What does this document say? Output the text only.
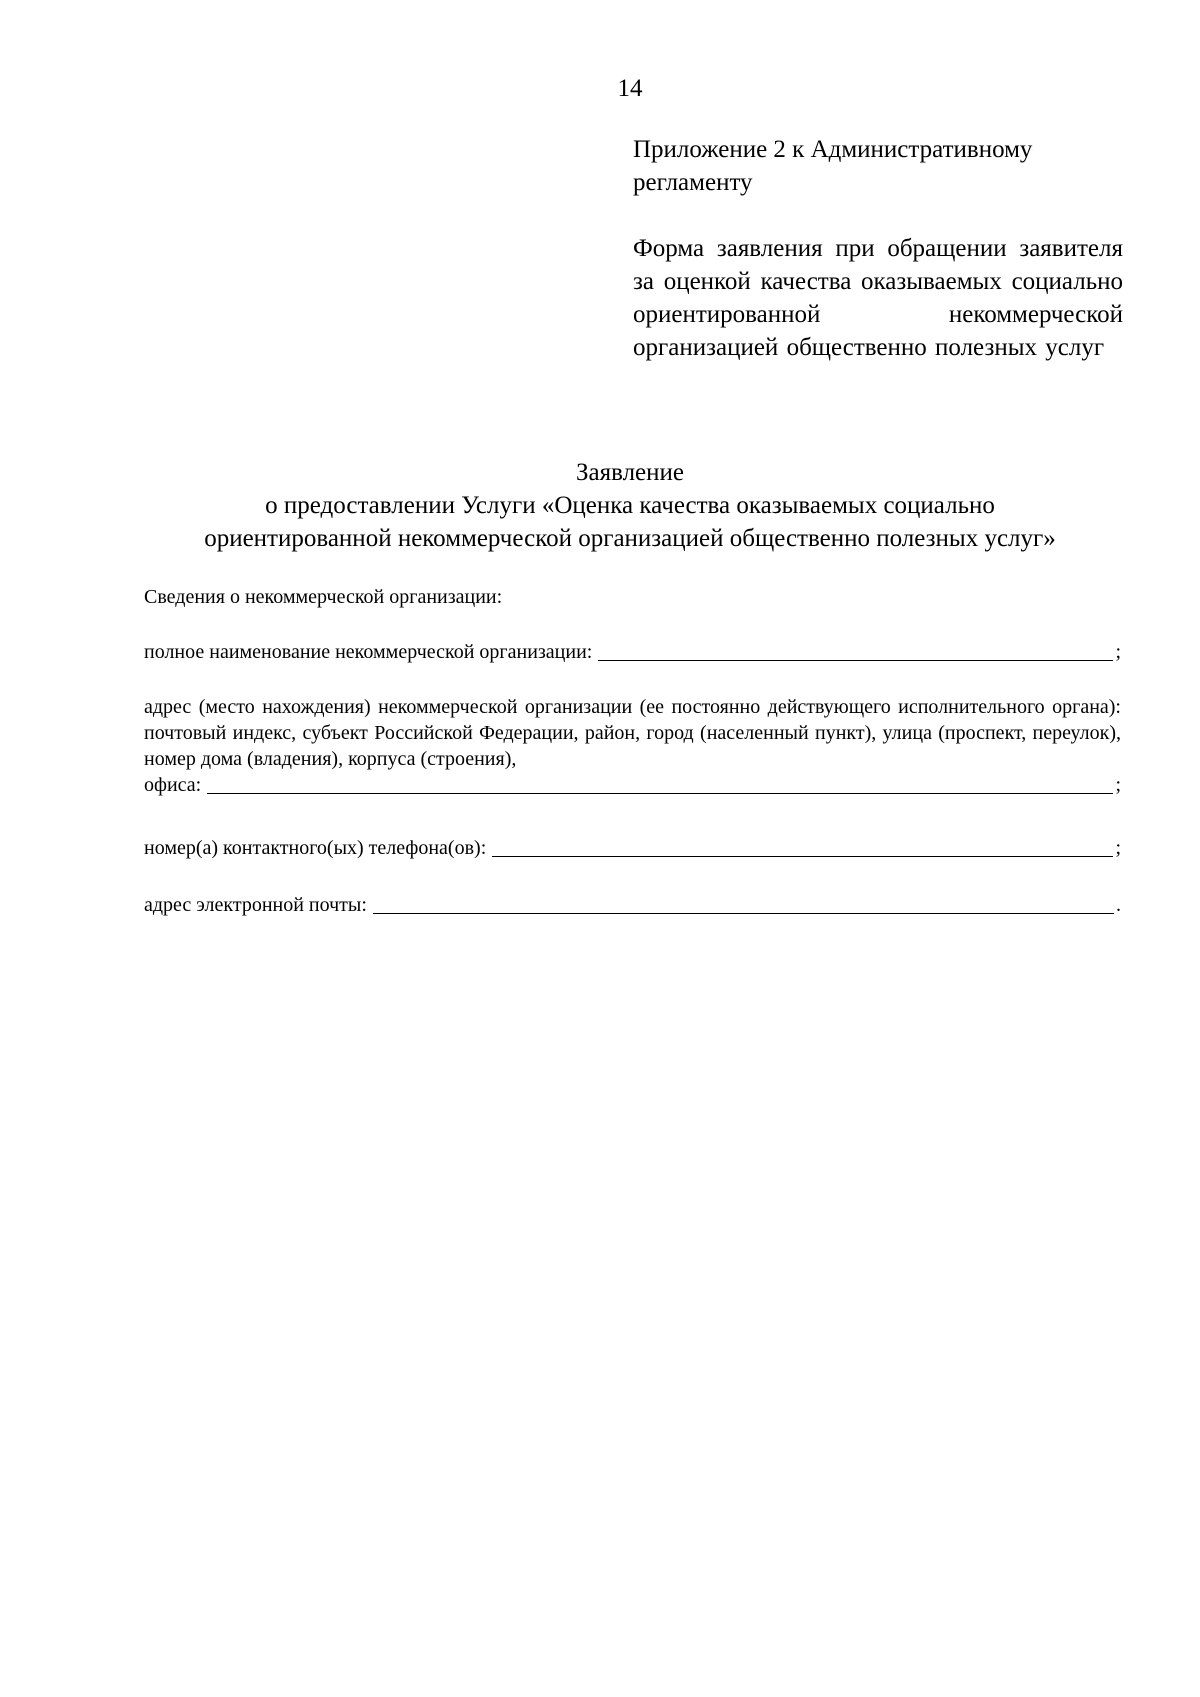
14
Приложение 2 к Административному
регламенту
Форма заявления при обращении заявителя за оценкой качества оказываемых социально ориентированной некоммерческой организацией общественно полезных услуг
Заявление
о предоставлении Услуги «Оценка качества оказываемых социально
ориентированной некоммерческой организацией общественно полезных услуг»
Сведения о некоммерческой организации:
полное наименование некоммерческой организации:	;
адрес (место нахождения) некоммерческой организации (ее постоянно действующего исполнительного органа): почтовый индекс, субъект Российской Федерации, район, город (населенный пункт), улица (проспект, переулок), номер дома (владения), корпуса (строения),
офиса:	;
номер(а) контактного(ых) телефона(ов):	;
адрес электронной почты:	.
